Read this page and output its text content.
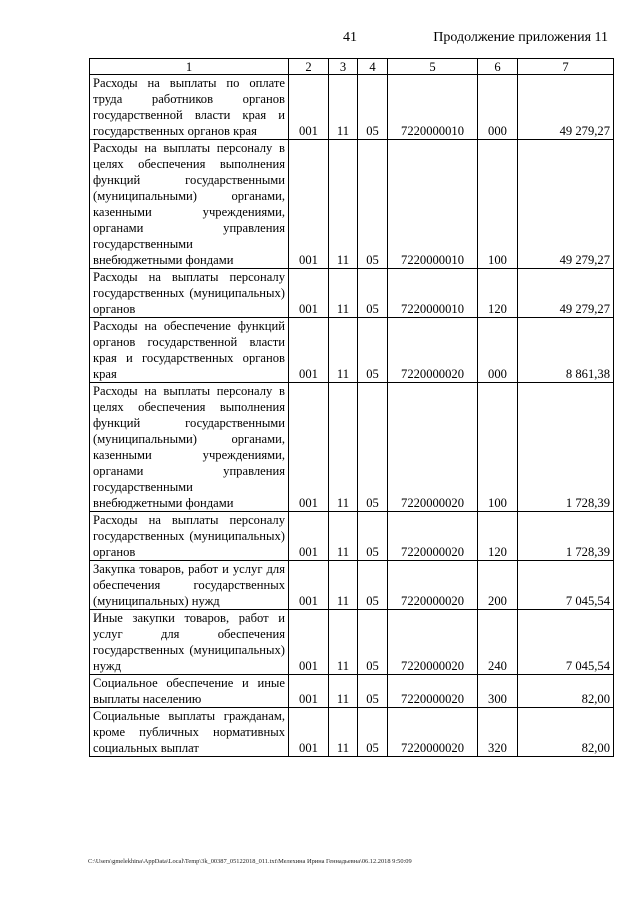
41	Продолжение приложения 11
1	2	3	4	5	6	7
Расходы на выплаты по оплате труда работников органов государственной власти края и государственных органов края	001	11	05	7220000010	000	49 279,27
Расходы на выплаты персоналу в целях обеспечения выполнения функций государственными (муниципальными) органами, казенными учреждениями, органами управления государственными внебюджетными фондами	001	11	05	7220000010	100	49 279,27
Расходы на выплаты персоналу государственных (муниципальных) органов	001	11	05	7220000010	120	49 279,27
Расходы на обеспечение функций органов государственной власти края и государственных органов края	001	11	05	7220000020	000	8 861,38
Расходы на выплаты персоналу в целях обеспечения выполнения функций государственными (муниципальными) органами, казенными учреждениями, органами управления государственными внебюджетными фондами	001	11	05	7220000020	100	1 728,39
Расходы на выплаты персоналу государственных (муниципальных) органов	001	11	05	7220000020	120	1 728,39
Закупка товаров, работ и услуг для обеспечения государственных (муниципальных) нужд	001	11	05	7220000020	200	7 045,54
Иные закупки товаров, работ и услуг для обеспечения государственных (муниципальных) нужд	001	11	05	7220000020	240	7 045,54
Социальное обеспечение и иные выплаты населению	001	11	05	7220000020	300	82,00
Социальные выплаты гражданам, кроме публичных нормативных социальных выплат	001	11	05	7220000020	320	82,00
C:\Users\gmelekhina\AppData\Local\Temp\3k_00387_05122018_011.txt\Мелехина Ирина Геннадьевна\06.12.2018 9:50:09
